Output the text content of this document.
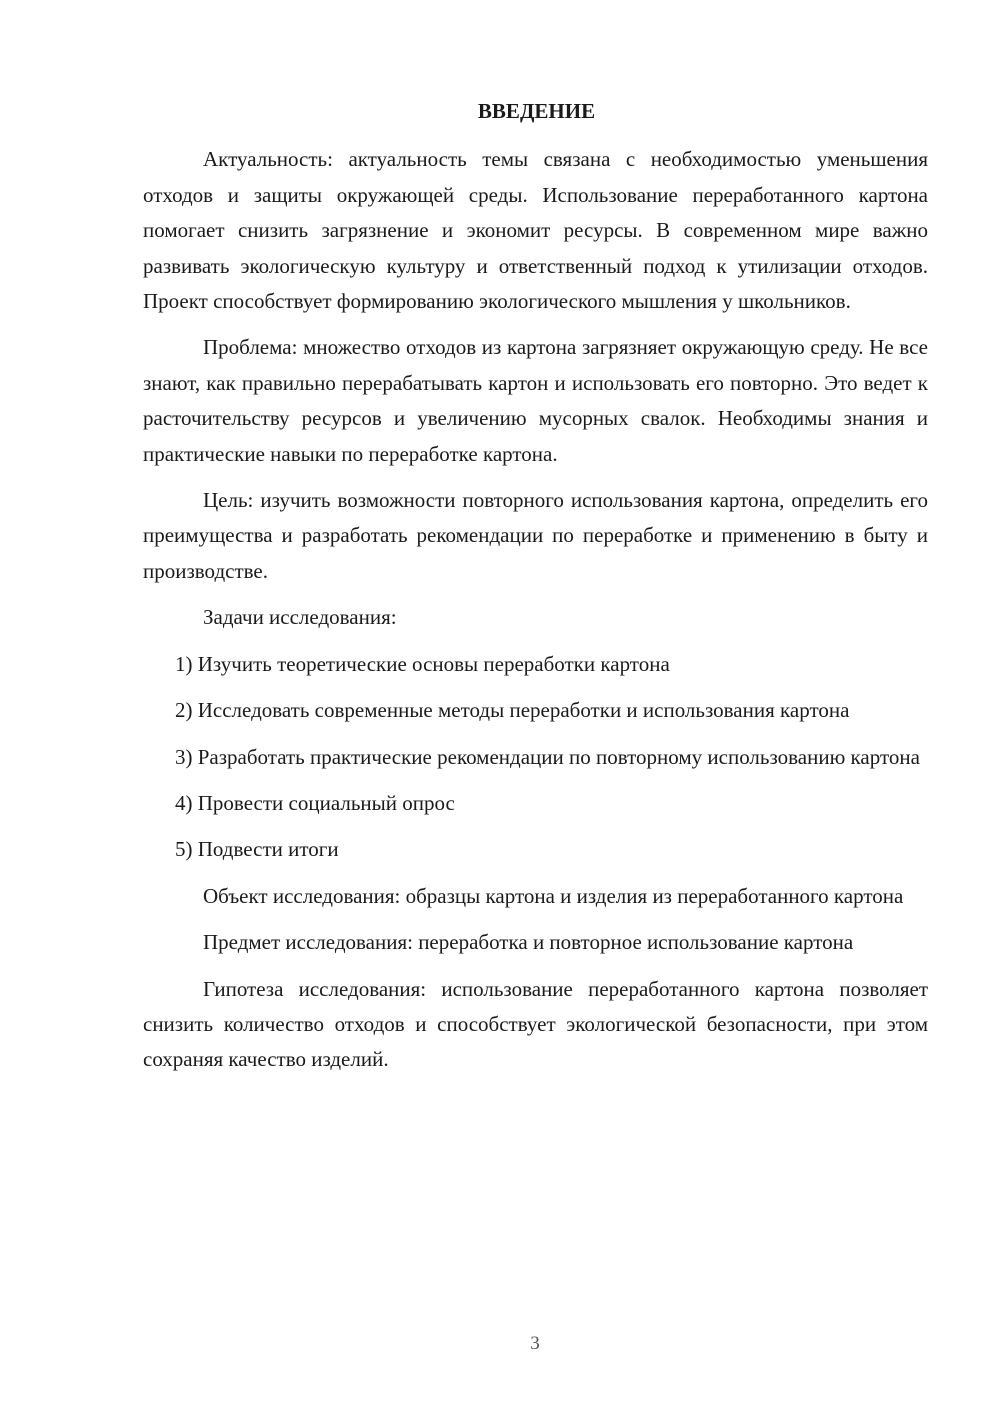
ВВЕДЕНИЕ
Актуальность: актуальность темы связана с необходимостью уменьшения отходов и защиты окружающей среды. Использование переработанного картона помогает снизить загрязнение и экономит ресурсы. В современном мире важно развивать экологическую культуру и ответственный подход к утилизации отходов. Проект способствует формированию экологического мышления у школьников.
Проблема: множество отходов из картона загрязняет окружающую среду. Не все знают, как правильно перерабатывать картон и использовать его повторно. Это ведет к расточительству ресурсов и увеличению мусорных свалок. Необходимы знания и практические навыки по переработке картона.
Цель: изучить возможности повторного использования картона, определить его преимущества и разработать рекомендации по переработке и применению в быту и производстве.
Задачи исследования:
1) Изучить теоретические основы переработки картона
2) Исследовать современные методы переработки и использования картона
3) Разработать практические рекомендации по повторному использованию картона
4) Провести социальный опрос
5) Подвести итоги
Объект исследования: образцы картона и изделия из переработанного картона
Предмет исследования: переработка и повторное использование картона
Гипотеза исследования: использование переработанного картона позволяет снизить количество отходов и способствует экологической безопасности, при этом сохраняя качество изделий.
3
